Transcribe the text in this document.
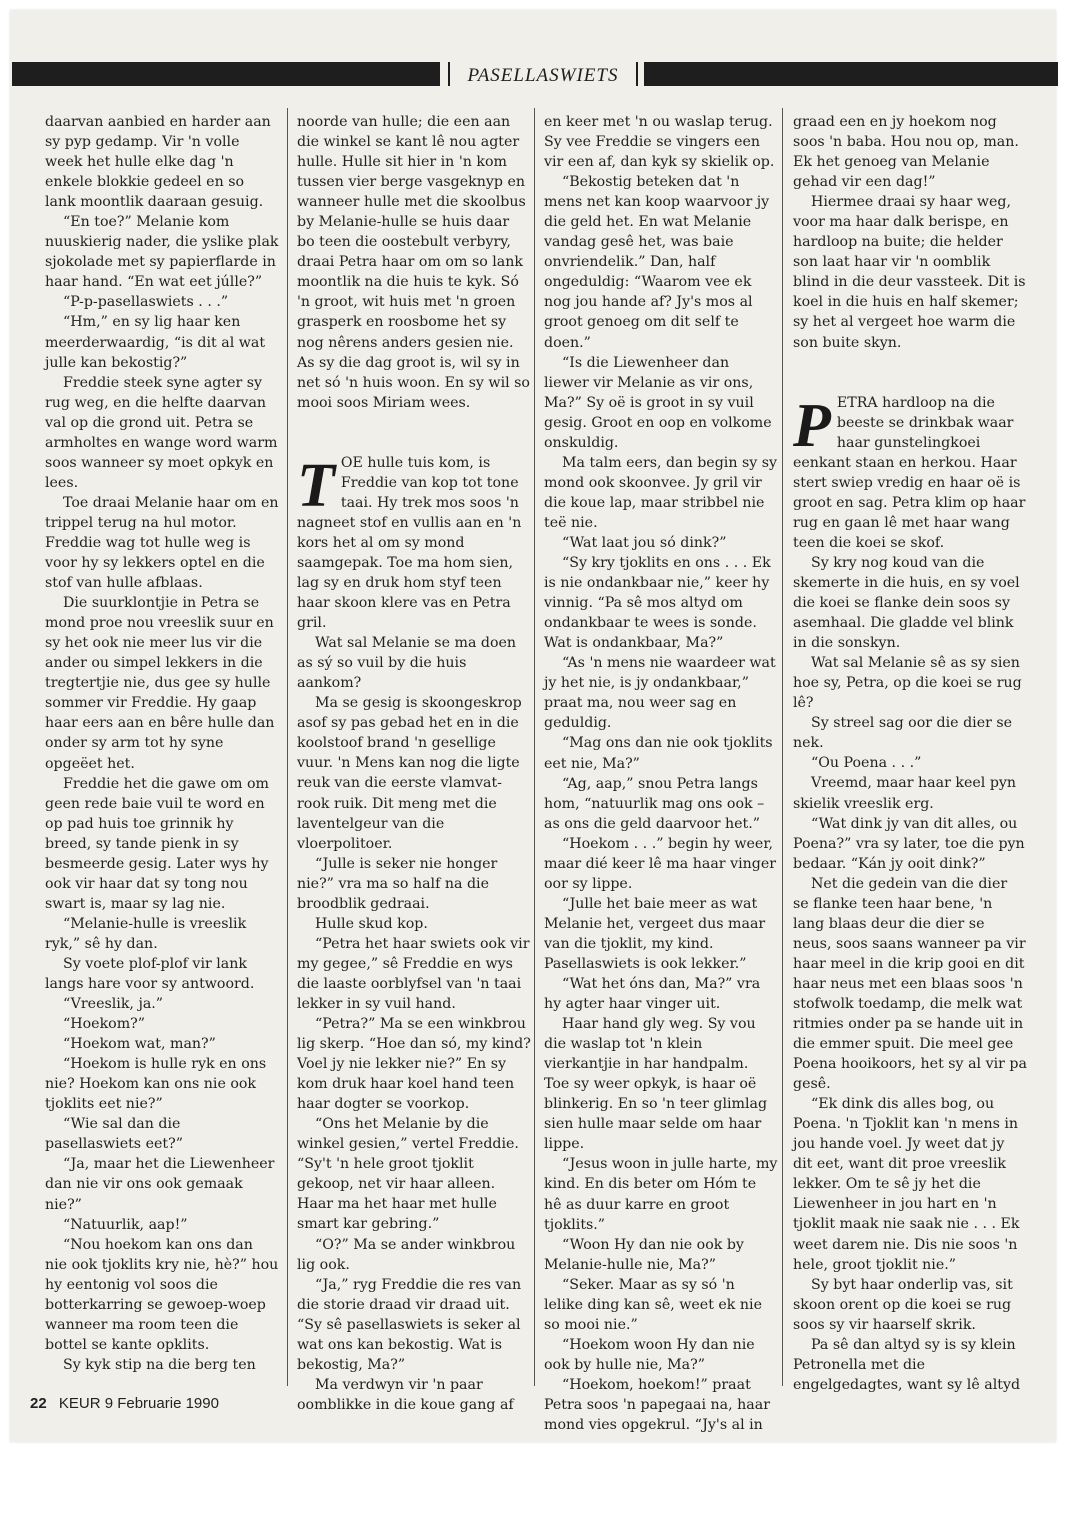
PASELLASWIETS

daarvan aanbied en harder aan sy pyp gedamp. Vir 'n volle week het hulle elke dag 'n enkele blokkie gedeel en so lank moontlik daaraan gesuig.

“En toe?” Melanie kom nuuskierig nader, die yslike plak sjokolade met sy papierflarde in haar hand. “En wat eet júlle?”

“P-p-pasellaswiets . . .”

“Hm,” en sy lig haar ken meerderwaardig, “is dit al wat julle kan bekostig?”

Freddie steek syne agter sy rug weg, en die helfte daarvan val op die grond uit. Petra se armholtes en wange word warm soos wanneer sy moet opkyk en lees.

Toe draai Melanie haar om en trippel terug na hul motor. Freddie wag tot hulle weg is voor hy sy lekkers optel en die stof van hulle afblaas.

Die suurklontjie in Petra se mond proe nou vreeslik suur en sy het ook nie meer lus vir die ander ou simpel lekkers in die tregtertjie nie, dus gee sy hulle sommer vir Freddie. Hy gaap haar eers aan en bêre hulle dan onder sy arm tot hy syne opgeëet het.

Freddie het die gawe om om geen rede baie vuil te word en op pad huis toe grinnik hy breed, sy tande pienk in sy besmeerde gesig. Later wys hy ook vir haar dat sy tong nou swart is, maar sy lag nie.

“Melanie-hulle is vreeslik ryk,” sê hy dan.

Sy voete plof-plof vir lank langs hare voor sy antwoord.

“Vreeslik, ja.”

“Hoekom?”

“Hoekom wat, man?”

“Hoekom is hulle ryk en ons nie? Hoekom kan ons nie ook tjoklits eet nie?”

“Wie sal dan die pasellaswiets eet?”

“Ja, maar het die Liewenheer dan nie vir ons ook gemaak nie?”

“Natuurlik, aap!”

“Nou hoekom kan ons dan nie ook tjoklits kry nie, hè?” hou hy eentonig vol soos die botterkarring se gewoep-woep wanneer ma room teen die bottel se kante opklits.

Sy kyk stip na die berg ten

noorde van hulle; die een aan die winkel se kant lê nou agter hulle. Hulle sit hier in 'n kom tussen vier berge vasgeknyp en wanneer hulle met die skoolbus by Melanie-hulle se huis daar bo teen die oostebult verbyry, draai Petra haar om om so lank moontlik na die huis te kyk. Só 'n groot, wit huis met 'n groen grasperk en roosbome het sy nog nêrens anders gesien nie. As sy die dag groot is, wil sy in net só 'n huis woon. En sy wil so mooi soos Miriam wees.

TOE hulle tuis kom, is Freddie van kop tot tone taai. Hy trek mos soos 'n nagneet stof en vullis aan en 'n kors het al om sy mond saamgepak. Toe ma hom sien, lag sy en druk hom styf teen haar skoon klere vas en Petra gril.

Wat sal Melanie se ma doen as sý so vuil by die huis aankom?

Ma se gesig is skoongeskrop asof sy pas gebad het en in die koolstoof brand 'n gesellige vuur. 'n Mens kan nog die ligte reuk van die eerste vlamvat-rook ruik. Dit meng met die laventelgeur van die vloerpolitoer.

“Julle is seker nie honger nie?” vra ma so half na die broodblik gedraai.

Hulle skud kop.

“Petra het haar swiets ook vir my gegee,” sê Freddie en wys die laaste oorblyfsel van 'n taai lekker in sy vuil hand.

“Petra?” Ma se een winkbrou lig skerp. “Hoe dan só, my kind? Voel jy nie lekker nie?” En sy kom druk haar koel hand teen haar dogter se voorkop.

“Ons het Melanie by die winkel gesien,” vertel Freddie. “Sy't 'n hele groot tjoklit gekoop, net vir haar alleen. Haar ma het haar met hulle smart kar gebring.”

“O?” Ma se ander winkbrou lig ook.

“Ja,” ryg Freddie die res van die storie draad vir draad uit. “Sy sê pasellaswiets is seker al wat ons kan bekostig. Wat is bekostig, Ma?”

Ma verdwyn vir 'n paar oomblikke in die koue gang af

en keer met 'n ou waslap terug. Sy vee Freddie se vingers een vir een af, dan kyk sy skielik op.

“Bekostig beteken dat 'n mens net kan koop waarvoor jy die geld het. En wat Melanie vandag gesê het, was baie onvriendelik.” Dan, half ongeduldig: “Waarom vee ek nog jou hande af? Jy's mos al groot genoeg om dit self te doen.”

“Is die Liewenheer dan liewer vir Melanie as vir ons, Ma?” Sy oë is groot in sy vuil gesig. Groot en oop en volkome onskuldig.

Ma talm eers, dan begin sy sy mond ook skoonvee. Jy gril vir die koue lap, maar stribbel nie teë nie.

“Wat laat jou só dink?”

“Sy kry tjoklits en ons . . . Ek is nie ondankbaar nie,” keer hy vinnig. “Pa sê mos altyd om ondankbaar te wees is sonde. Wat is ondankbaar, Ma?”

“As 'n mens nie waardeer wat jy het nie, is jy ondankbaar,” praat ma, nou weer sag en geduldig.

“Mag ons dan nie ook tjoklits eet nie, Ma?”

“Ag, aap,” snou Petra langs hom, “natuurlik mag ons ook – as ons die geld daarvoor het.”

“Hoekom . . .” begin hy weer, maar dié keer lê ma haar vinger oor sy lippe.

“Julle het baie meer as wat Melanie het, vergeet dus maar van die tjoklit, my kind. Pasellaswiets is ook lekker.”

“Wat het óns dan, Ma?” vra hy agter haar vinger uit.

Haar hand gly weg. Sy vou die waslap tot 'n klein vierkantjie in har handpalm. Toe sy weer opkyk, is haar oë blinkerig. En so 'n teer glimlag sien hulle maar selde om haar lippe.

“Jesus woon in julle harte, my kind. En dis beter om Hóm te hê as duur karre en groot tjoklits.”

“Woon Hy dan nie ook by Melanie-hulle nie, Ma?”

“Seker. Maar as sy só 'n lelike ding kan sê, weet ek nie so mooi nie.”

“Hoekom woon Hy dan nie ook by hulle nie, Ma?”

“Hoekom, hoekom!” praat Petra soos 'n papegaai na, haar mond vies opgekrul. “Jy's al in

graad een en jy hoekom nog soos 'n baba. Hou nou op, man. Ek het genoeg van Melanie gehad vir een dag!”

Hiermee draai sy haar weg, voor ma haar dalk berispe, en hardloop na buite; die helder son laat haar vir 'n oomblik blind in die deur vassteek. Dit is koel in die huis en half skemer; sy het al vergeet hoe warm die son buite skyn.

PETRA hardloop na die beeste se drinkbak waar haar gunstelingkoei eenkant staan en herkou. Haar stert swiep vredig en haar oë is groot en sag. Petra klim op haar rug en gaan lê met haar wang teen die koei se skof.

Sy kry nog koud van die skemerte in die huis, en sy voel die koei se flanke dein soos sy asemhaal. Die gladde vel blink in die sonskyn.

Wat sal Melanie sê as sy sien hoe sy, Petra, op die koei se rug lê?

Sy streel sag oor die dier se nek.

“Ou Poena . . .”

Vreemd, maar haar keel pyn skielik vreeslik erg.

“Wat dink jy van dit alles, ou Poena?” vra sy later, toe die pyn bedaar. “Kán jy ooit dink?”

Net die gedein van die dier se flanke teen haar bene, 'n lang blaas deur die dier se neus, soos saans wanneer pa vir haar meel in die krip gooi en dit haar neus met een blaas soos 'n stofwolk toedamp, die melk wat ritmies onder pa se hande uit in die emmer spuit. Die meel gee Poena hooikoors, het sy al vir pa gesê.

“Ek dink dis alles bog, ou Poena. 'n Tjoklit kan 'n mens in jou hande voel. Jy weet dat jy dit eet, want dit proe vreeslik lekker. Om te sê jy het die Liewenheer in jou hart en 'n tjoklit maak nie saak nie . . . Ek weet darem nie. Dis nie soos 'n hele, groot tjoklit nie.”

Sy byt haar onderlip vas, sit skoon orent op die koei se rug soos sy vir haarself skrik.

Pa sê dan altyd sy is sy klein Petronella met die engelgedagtes, want sy lê altyd

22 KEUR 9 Februarie 1990
